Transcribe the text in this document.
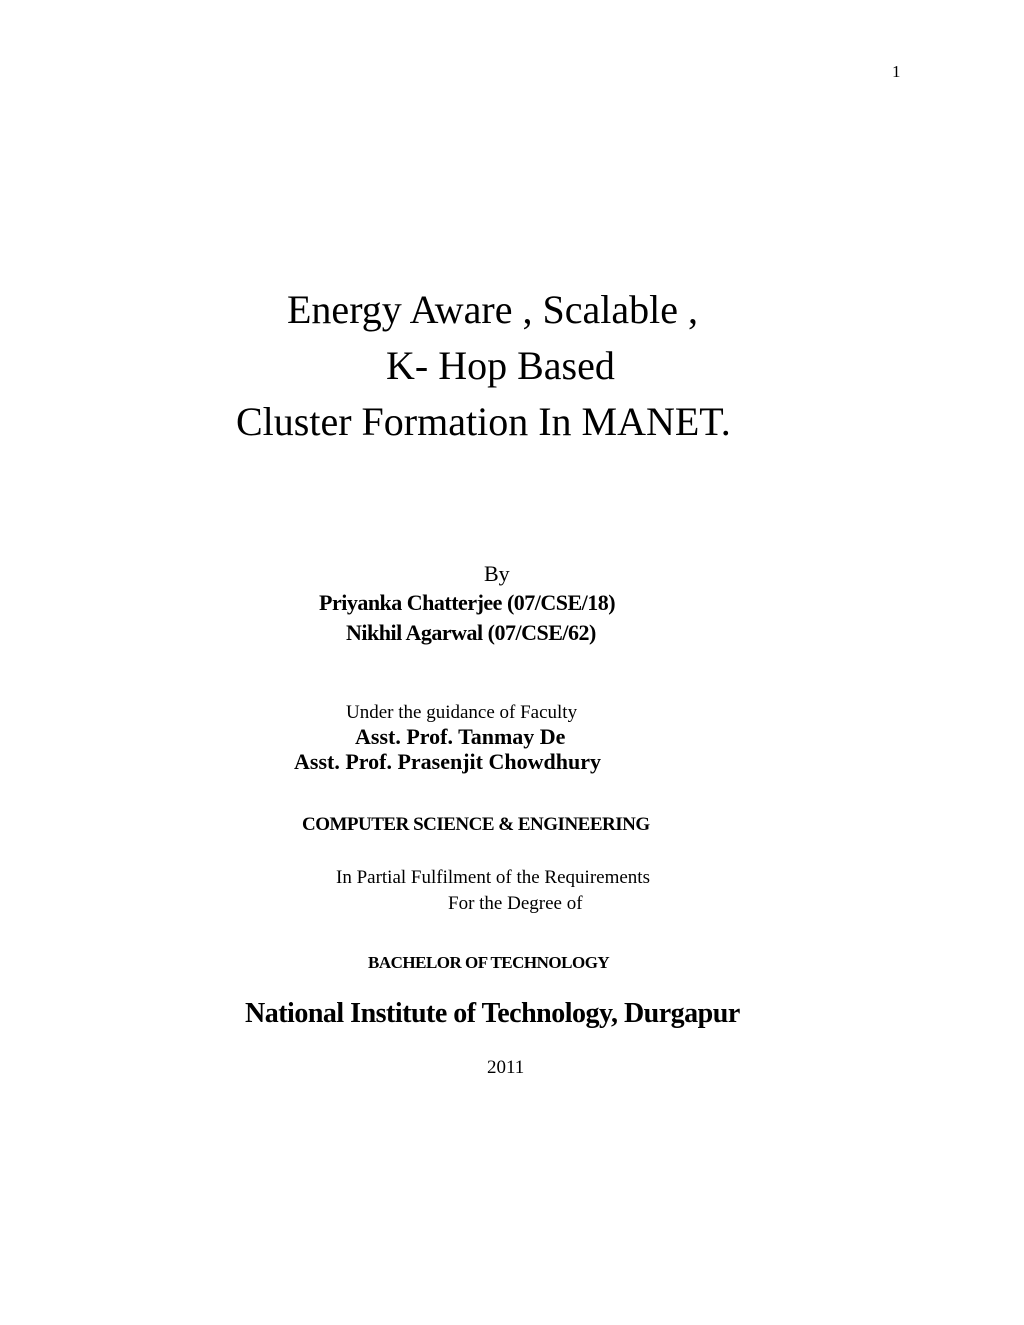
1
Energy Aware , Scalable ,
K- Hop Based
Cluster Formation In MANET.
By
Priyanka Chatterjee (07/CSE/18)
Nikhil Agarwal (07/CSE/62)
Under the guidance of Faculty
Asst. Prof. Tanmay De
Asst. Prof. Prasenjit Chowdhury
COMPUTER SCIENCE & ENGINEERING
In Partial Fulfilment of the Requirements
For the Degree of
BACHELOR OF TECHNOLOGY
National Institute of Technology, Durgapur
2011
